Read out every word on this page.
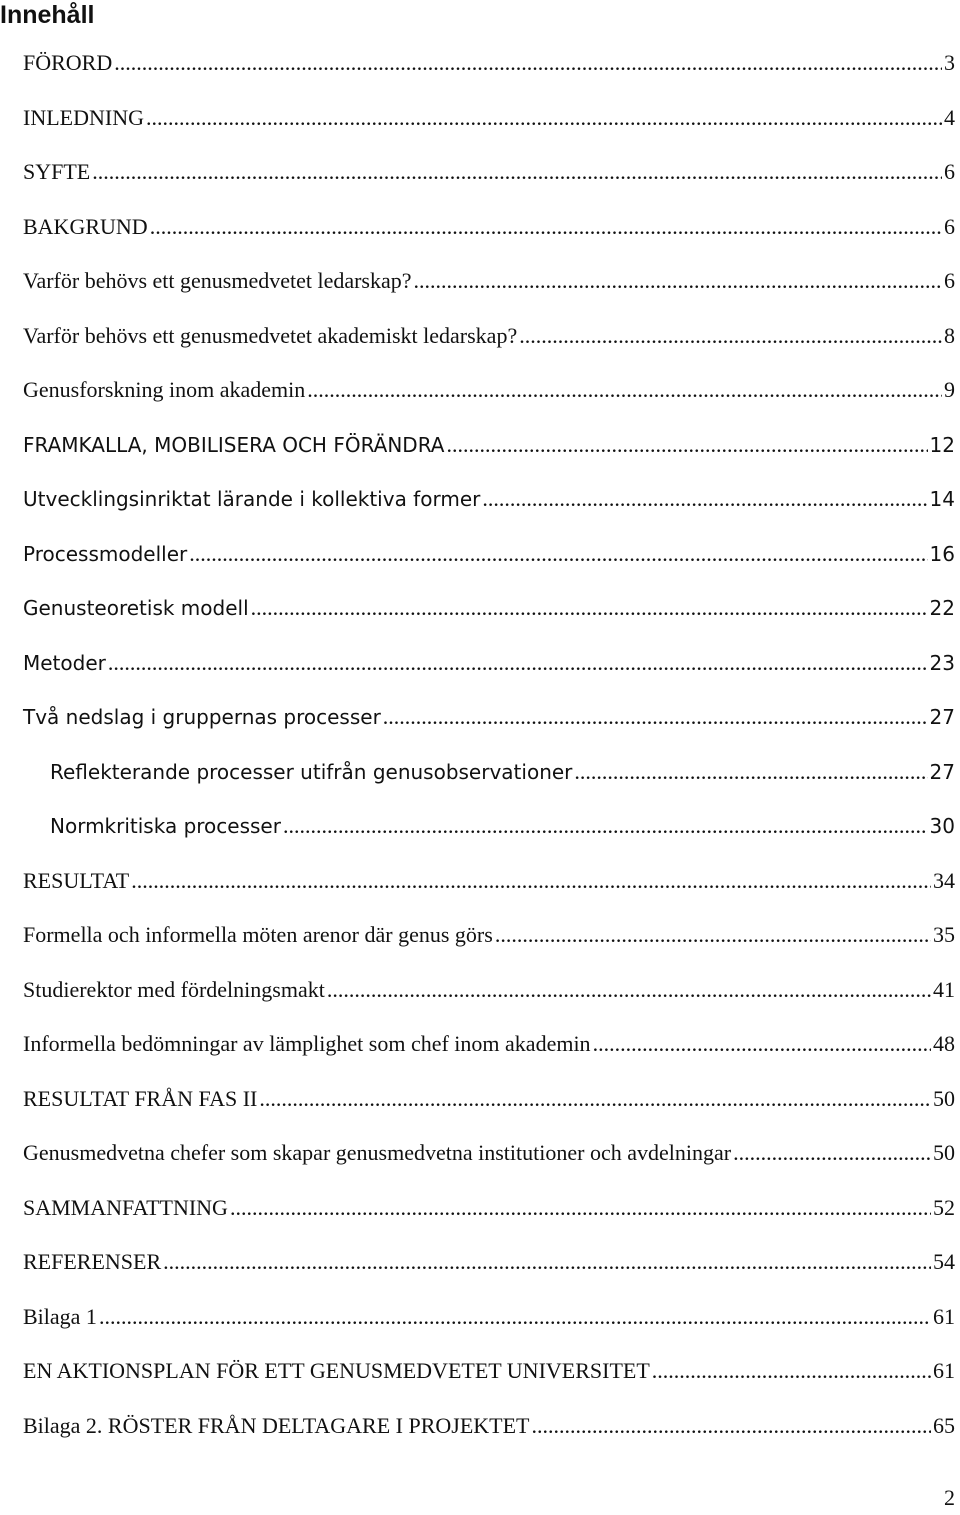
Innehåll
FÖRORD .....	3
INLEDNING .....	4
SYFTE .....	6
BAKGRUND .....	6
Varför behövs ett genusmedvetet ledarskap? .....	6
Varför behövs ett genusmedvetet akademiskt ledarskap? .....	8
Genusforskning inom akademin .....	9
FRAMKALLA, MOBILISERA OCH FÖRÄNDRA .....	12
Utvecklingsinriktat lärande i kollektiva former .....	14
Processmodeller .....	16
Genusteoretisk modell .....	22
Metoder .....	23
Två nedslag i gruppernas processer .....	27
Reflekterande processer utifrån genusobservationer .....	27
Normkritiska processer .....	30
RESULTAT .....	34
Formella och informella möten arenor där genus görs .....	35
Studierektor med fördelningsmakt .....	41
Informella bedömningar av lämplighet som chef inom akademin .....	48
RESULTAT FRÅN FAS II .....	50
Genusmedvetna chefer som skapar genusmedvetna institutioner och avdelningar .....	50
SAMMANFATTNING .....	52
REFERENSER .....	54
Bilaga 1 .....	61
EN AKTIONSPLAN FÖR ETT GENUSMEDVETET UNIVERSITET .....	61
Bilaga 2. RÖSTER FRÅN DELTAGARE I PROJEKTET .....	65
2
